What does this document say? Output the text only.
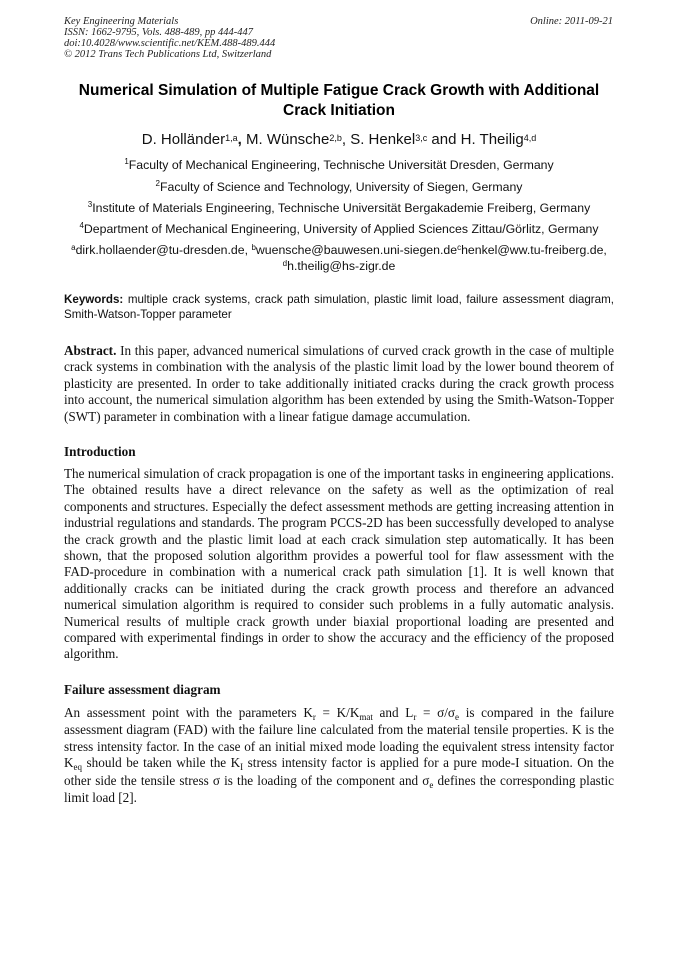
Key Engineering Materials
ISSN: 1662-9795, Vols. 488-489, pp 444-447
doi:10.4028/www.scientific.net/KEM.488-489.444
© 2012 Trans Tech Publications Ltd, Switzerland
Online: 2011-09-21
Numerical Simulation of Multiple Fatigue Crack Growth with Additional Crack Initiation
D. Holländer$^{1,a}$, M. Wünsche$^{2,b}$, S. Henkel$^{3,c}$ and H. Theilig$^{4,d}$
$^1$Faculty of Mechanical Engineering, Technische Universität Dresden, Germany
$^2$Faculty of Science and Technology, University of Siegen, Germany
$^3$Institute of Materials Engineering, Technische Universität Bergakademie Freiberg, Germany
$^4$Department of Mechanical Engineering, University of Applied Sciences Zittau/Görlitz, Germany
$^a$dirk.hollaender@tu-dresden.de, $^bwuensche@bauwesen.uni-siegen.de^chenkel@ww.tu-freiberg.de$,
$^d$h.theilig@hs-zigr.de
Keywords: multiple crack systems, crack path simulation, plastic limit load, failure assessment diagram, Smith-Watson-Topper parameter
Abstract. In this paper, advanced numerical simulations of curved crack growth in the case of multiple crack systems in combination with the analysis of the plastic limit load by the lower bound theorem of plasticity are presented. In order to take additionally initiated cracks during the crack growth process into account, the numerical simulation algorithm has been extended by using the Smith-Watson-Topper (SWT) parameter in combination with a linear fatigue damage accumulation.
Introduction
The numerical simulation of crack propagation is one of the important tasks in engineering applications. The obtained results have a direct relevance on the safety as well as the optimization of real components and structures. Especially the defect assessment methods are getting increasing attention in industrial regulations and standards. The program PCCS-2D has been successfully developed to analyse the crack growth and the plastic limit load at each crack simulation step automatically. It has been shown, that the proposed solution algorithm provides a powerful tool for flaw assessment with the FAD-procedure in combination with a numerical crack path simulation [1]. It is well known that additionally cracks can be initiated during the crack growth process and therefore an advanced numerical simulation algorithm is required to consider such problems in a fully automatic analysis. Numerical results of multiple crack growth under biaxial proportional loading are presented and compared with experimental findings in order to show the accuracy and the efficiency of the proposed algorithm.
Failure assessment diagram
An assessment point with the parameters $K_r = K/K_{mat}$ and $L_r = \sigma/\sigma_e$ is compared in the failure assessment diagram (FAD) with the failure line calculated from the material tensile properties. K is the stress intensity factor. In the case of an initial mixed mode loading the equivalent stress intensity factor $K_{eq}$ should be taken while the $K_I$ stress intensity factor is applied for a pure mode-I situation. On the other side the tensile stress σ is the loading of the component and $\sigma_e$ defines the corresponding plastic limit load [2].
